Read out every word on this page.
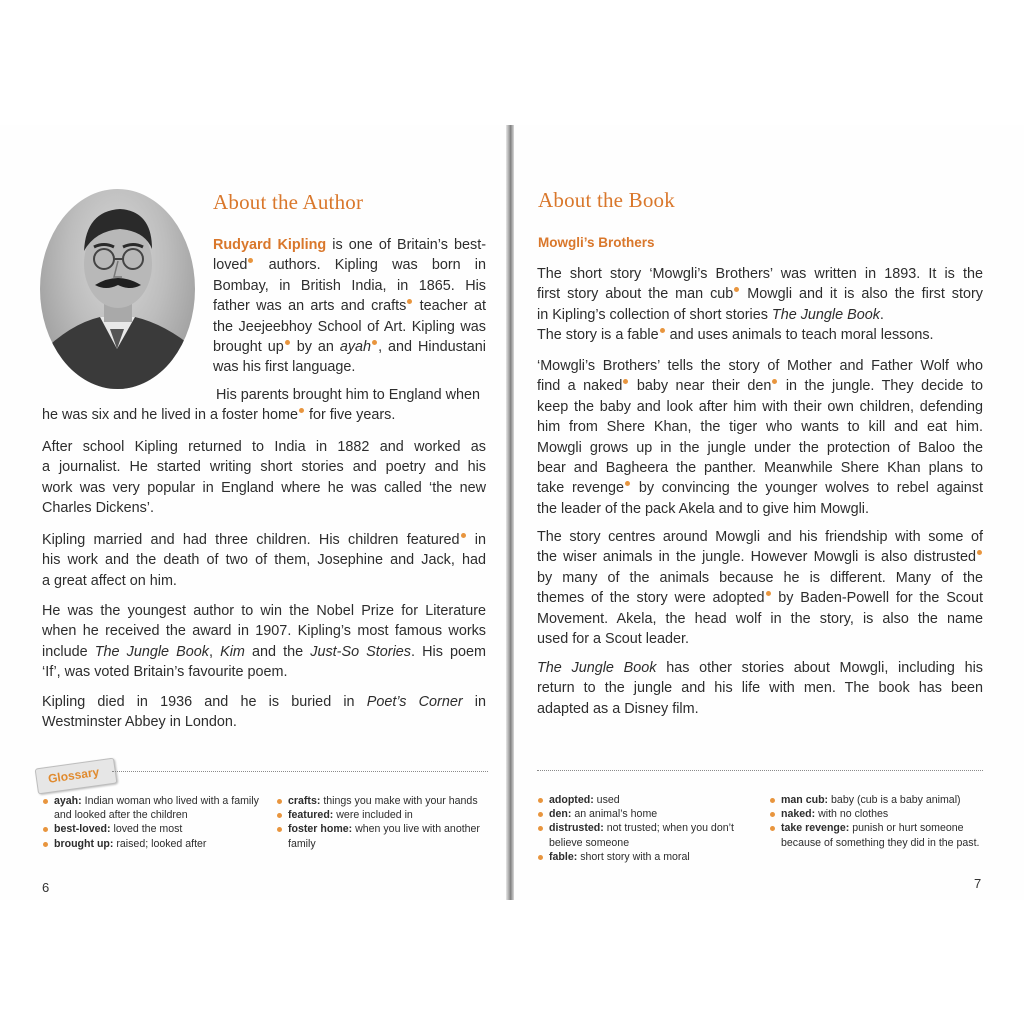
About the Author
Rudyard Kipling is one of Britain’s best-
loved authors. Kipling was born in
Bombay, in British India, in 1865. His
father was an arts and crafts teacher at
the Jeejeebhoy School of Art. Kipling was
brought up by an ayah , and Hindustani
was his first language.
His parents brought him to England when
he was six and he lived in a foster home for five years.
After school Kipling returned to India in 1882 and worked as
a journalist. He started writing short stories and poetry and his
work was very popular in England where he was called ‘the new
Charles Dickens’.
Kipling married and had three children. His children featured in
his work and the death of two of them, Josephine and Jack, had
a great affect on him.
He was the youngest author to win the Nobel Prize for Literature
when he received the award in 1907. Kipling’s most famous works
include The Jungle Book, Kim and the Just-So Stories. His poem
‘If’, was voted Britain’s favourite poem.
Kipling died in 1936 and he is buried in Poet’s Corner in
Westminster Abbey in London.
Glossary
ayah: Indian woman who lived with a family and looked after the children
best-loved: loved the most
brought up: raised; looked after
crafts: things you make with your hands
featured: were included in
foster home: when you live with another family
6
About the Book
Mowgli’s Brothers
The short story ‘Mowgli’s Brothers’ was written in 1893. It is the
first story about the man cub Mowgli and it is also the first story
in Kipling’s collection of short stories The Jungle Book.
The story is a fable and uses animals to teach moral lessons.
‘Mowgli’s Brothers’ tells the story of Mother and Father Wolf who
find a naked baby near their den in the jungle. They decide to
keep the baby and look after him with their own children, defending
him from Shere Khan, the tiger who wants to kill and eat him.
Mowgli grows up in the jungle under the protection of Baloo the
bear and Bagheera the panther. Meanwhile Shere Khan plans to
take revenge by convincing the younger wolves to rebel against
the leader of the pack Akela and to give him Mowgli.
The story centres around Mowgli and his friendship with some of
the wiser animals in the jungle. However Mowgli is also distrusted
by many of the animals because he is different. Many of the
themes of the story were adopted by Baden-Powell for the Scout
Movement. Akela, the head wolf in the story, is also the name
used for a Scout leader.
The Jungle Book has other stories about Mowgli, including his
return to the jungle and his life with men. The book has been
adapted as a Disney film.
adopted: used
den: an animal’s home
distrusted: not trusted; when you don’t believe someone
fable: short story with a moral
man cub: baby (cub is a baby animal)
naked: with no clothes
take revenge: punish or hurt someone because of something they did in the past.
7
